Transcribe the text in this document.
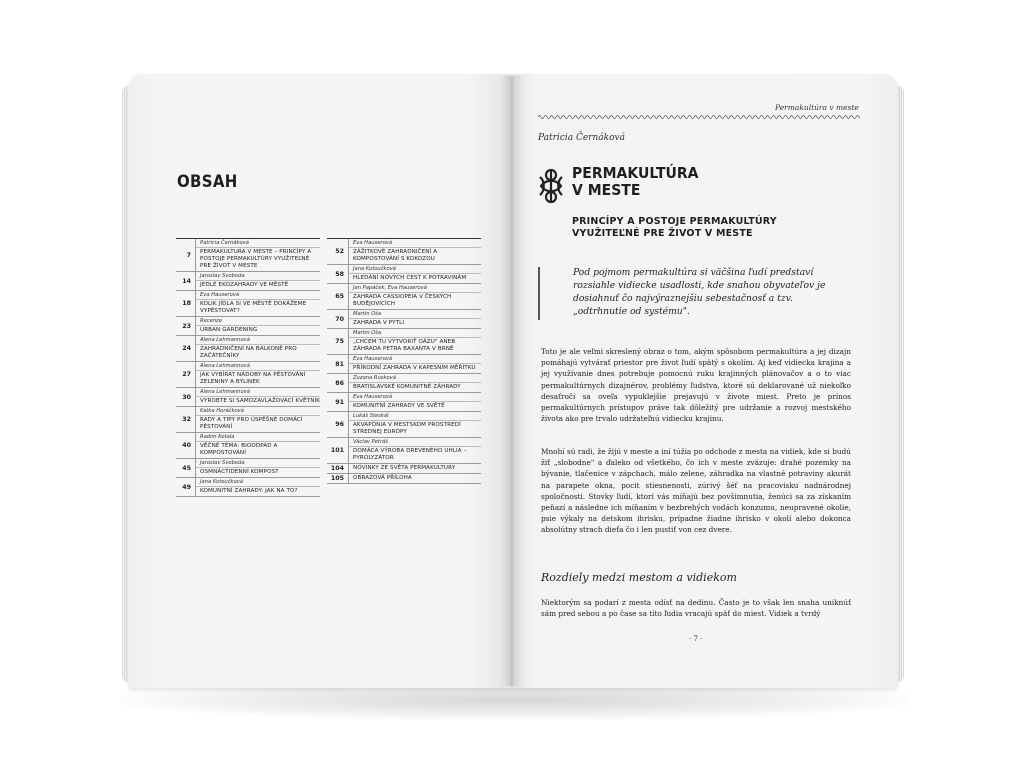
OBSAH
7
Patricia Černáková
PERMAKULTURA V MESTE – PRINCÍPY A POSTOJE PERMAKULTÚRY VYUŽITEĽNÉ PRE ŽIVOT V MESTE
14
Jaroslav Svoboda
JEDLÉ EKOZAHRADY VE MĚSTĚ
18
Eva Hauserová
KOLIK JÍDLA SI VE MĚSTĚ DOKÁŽEME VYPĚSTOVAT?
23
Recenze
URBAN GARDENING
24
Alena Lehmannová
ZAHRADNIČENÍ NA BALKONĚ PRO ZAČÁTEČNÍKY
27
Alena Lehmannová
JAK VYBÍRAT NÁDOBY NA PĚSTOVÁNÍ ZELENINY A BYLINEK
30
Alena Lehmannová
VYROBTE SI SAMOZAVLAŽOVACÍ KVĚTNÍK
32
Katka Horáčková
RADY A TIPY PRO ÚSPĚŠNÉ DOMÁCÍ PĚSTOVÁNÍ
40
Radim Kotala
VĚČNÉ TÉMA: BIOODPAD A KOMPOSTOVÁNÍ
45
Jaroslav Svoboda
OSMNÁCTIDENNÍ KOMPOST
49
Jana Kotoučková
KOMUNITNÍ ZAHRADY: JAK NA TO?
52
Eva Hauserová
ZÁŽITKOVÉ ZAHRADNIČENÍ A KOMPOSTOVÁNÍ S KOKOZOU
58
Jana Kotoučková
HLEDÁNÍ NOVÝCH CEST K POTRAVINÁM
65
Jan Papáček, Eva Hauserová
ZAHRADA CASSIOPEIA V ČESKÝCH BUDĚJOVICÍCH
70
Martin Oša
ZAHRADA V PYTLI
75
Martin Oša
„CHCEM TU VYTVORIŤ OÁZU" ANEB ZÁHRADA PETRA BAXANTA V BRNĚ
81
Eva Hauserová
PŘÍRODNÍ ZAHRADA V KAPESNÍM MĚŘÍTKU
86
Zuzana Rusková
BRATISLAVSKÉ KOMUNITNÉ ZÁHRADY
91
Eva Hauserová
KOMUNITNÍ ZAHRADY VE SVĚTĚ
96
Lukáš Steskál
AKVAPÓNIA V MESTSKOM PROSTREDÍ STREDNEJ EURÓPY
101
Václav Petráš
DOMÁCA VÝROBA DREVENÉHO UHLIA – PYROLYZÁTOR
104	NOVINKY ZE SVĚTA PERMAKULTURY
105	OBRAZOVÁ PŘÍLOHA
Permakultúra v meste
Patricia Černáková
PERMAKULTÚRA
V MESTE
PRINCÍPY A POSTOJE PERMAKULTÚRY
VYUŽITEĽNÉ PRE ŽIVOT V MESTE
Pod pojmom permakultúra si väčšina ľudí predstaví rozsiahle vidiecke usadlosti, kde snahou obyvateľov je dosiahnuť čo najvýraznejšiu sebestačnosť a tzv. „odtrhnutie od systému".
Toto je ale veľmi skreslený obraz o tom, akým spôsobom permakultúra a jej dizajn pomáhajú vytvárať priestor pre život ľudí spätý s okolím. Aj keď vidiecka krajina a jej využívanie dnes potrebuje pomocnú ruku krajinných plánovačov a o to viac permakultúrnych dizajnérov, problémy ľudstva, ktoré sú deklarované už niekoľko desaťročí sa oveľa vypuklejšie prejavujú v živote miest. Preto je prínos permakultúrnych prístupov práve tak dôležitý pre udržanie a rozvoj mestského života ako pre trvalo udržateľnú vidiecku krajinu.
Mnohí sú radi, že žijú v meste a iní túžia po odchode z mesta na vidiek, kde si budú žiť „slobodne" a ďaleko od všetkého, čo ich v meste zväzuje: drahé pozemky na bývanie, tlačenice v zápchach, málo zelene, záhradka na vlastné potraviny akurát na parapete okna, pocit stiesnenosti, zúrivý šéf na pracovisku nadnárodnej spoločnosti. Stovky ľudí, ktorí vás míňajú bez povšimnutia, ženúci sa za získaním peňazí a následne ich míňaním v bezbrehých vodách konzumu, neupravené okolie, psie výkaly na detskom ihrisku, prípadne žiadne ihrisko v okolí alebo dokonca absolútny strach dieťa čo i len pustiť von cez dvere.
Rozdiely medzi mestom a vidiekom
Niektorým sa podarí z mesta odísť na dedinu. Často je to však len snaha uniknúť sám pred sebou a po čase sa títo ľudia vracajú späť do miest. Vidiek a tvrdý
· 7 ·
